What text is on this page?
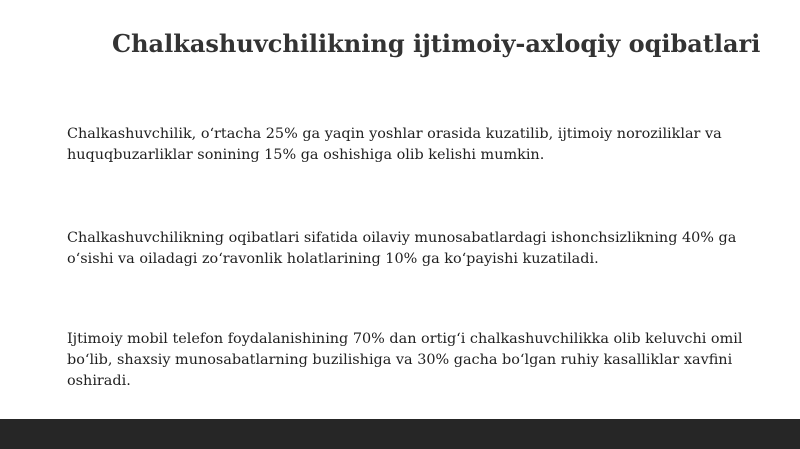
Chalkashuvchilikning ijtimoiy-axloqiy oqibatlari

Chalkashuvchilik, o‘rtacha 25% ga yaqin yoshlar orasida kuzatilib, ijtimoiy noroziliklar va huquqbuzarliklar sonining 15% ga oshishiga olib kelishi mumkin.

Chalkashuvchilikning oqibatlari sifatida oilaviy munosabatlardagi ishonchsizlikning 40% ga o‘sishi va oiladagi zo‘ravonlik holatlarining 10% ga ko‘payishi kuzatiladi.

Ijtimoiy mobil telefon foydalanishining 70% dan ortig‘i chalkashuvchilikka olib keluvchi omil bo‘lib, shaxsiy munosabatlarning buzilishiga va 30% gacha bo‘lgan ruhiy kasalliklar xavfini oshiradi.
